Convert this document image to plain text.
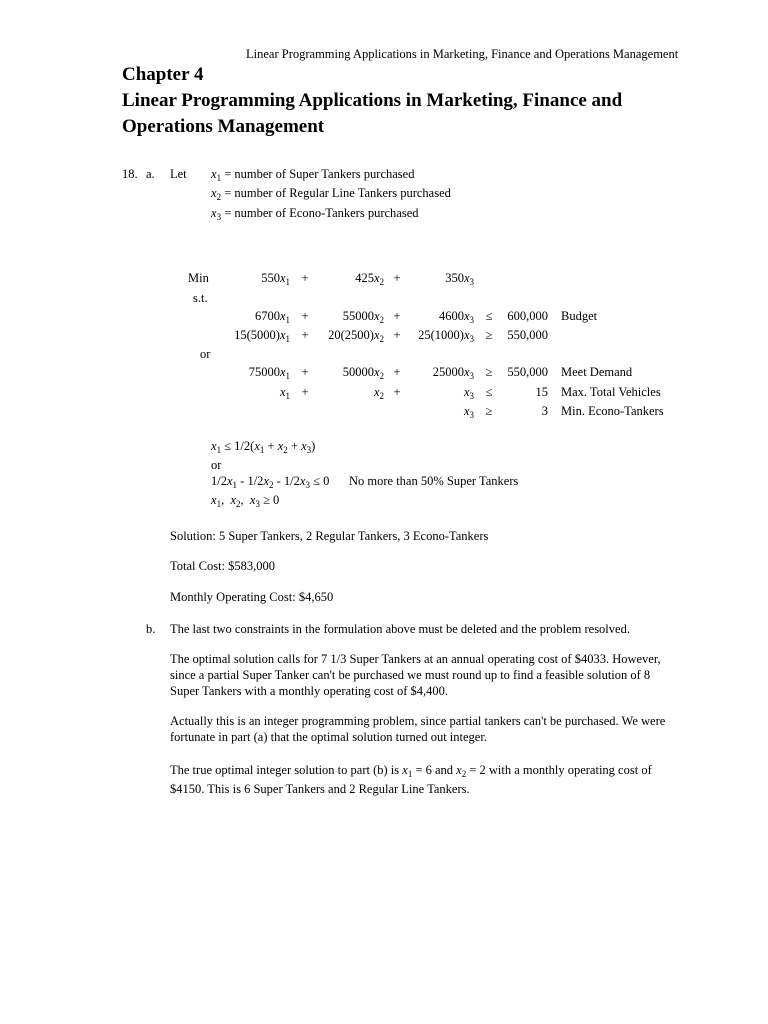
Linear Programming Applications in Marketing, Finance and Operations Management
Chapter 4
Linear Programming Applications in Marketing, Finance and Operations Management
18. a. Let $x_1$ = number of Super Tankers purchased
$x_2$ = number of Regular Line Tankers purchased
$x_3$ = number of Econo-Tankers purchased
Min	$550x_1$ +	$425x_2$ +	$350x_3$
s.t.
$6700x_1$ +	$55000x_2$ +	$4600x_3 \le 600,000$ Budget
$15(5000)x_1 + 20(2500)x_2 + 25(1000)x_3 \ge 550,000$
or
$75000x_1$ +	$50000x_2$ +	$25000x_3 \ge 550,000$ Meet Demand
$x_1$ +	$x_2$ +	$x_3$ ≤	15 Max. Total Vehicles
$x_3$ ≥	3 Min. Econo-Tankers
$x_1 \le 1/2(x_1 + x_2 + x_3)$
or
$1/2x_1 - 1/2x_2 - 1/2x_3 \le 0$ No more than 50% Super Tankers
$x_1$, $x_2$, $x_3 \ge 0$
Solution: 5 Super Tankers, 2 Regular Tankers, 3 Econo-Tankers
Total Cost: $583,000
Monthly Operating Cost: $4,650
b. The last two constraints in the formulation above must be deleted and the problem resolved.
The optimal solution calls for 7 1/3 Super Tankers at an annual operating cost of $4033. However, since a partial Super Tanker can't be purchased we must round up to find a feasible solution of 8 Super Tankers with a monthly operating cost of $4,400.
Actually this is an integer programming problem, since partial tankers can't be purchased. We were fortunate in part (a) that the optimal solution turned out integer.
The true optimal integer solution to part (b) is $x_1 = 6$ and $x_2 = 2$ with a monthly operating cost of $4150. This is 6 Super Tankers and 2 Regular Line Tankers.
